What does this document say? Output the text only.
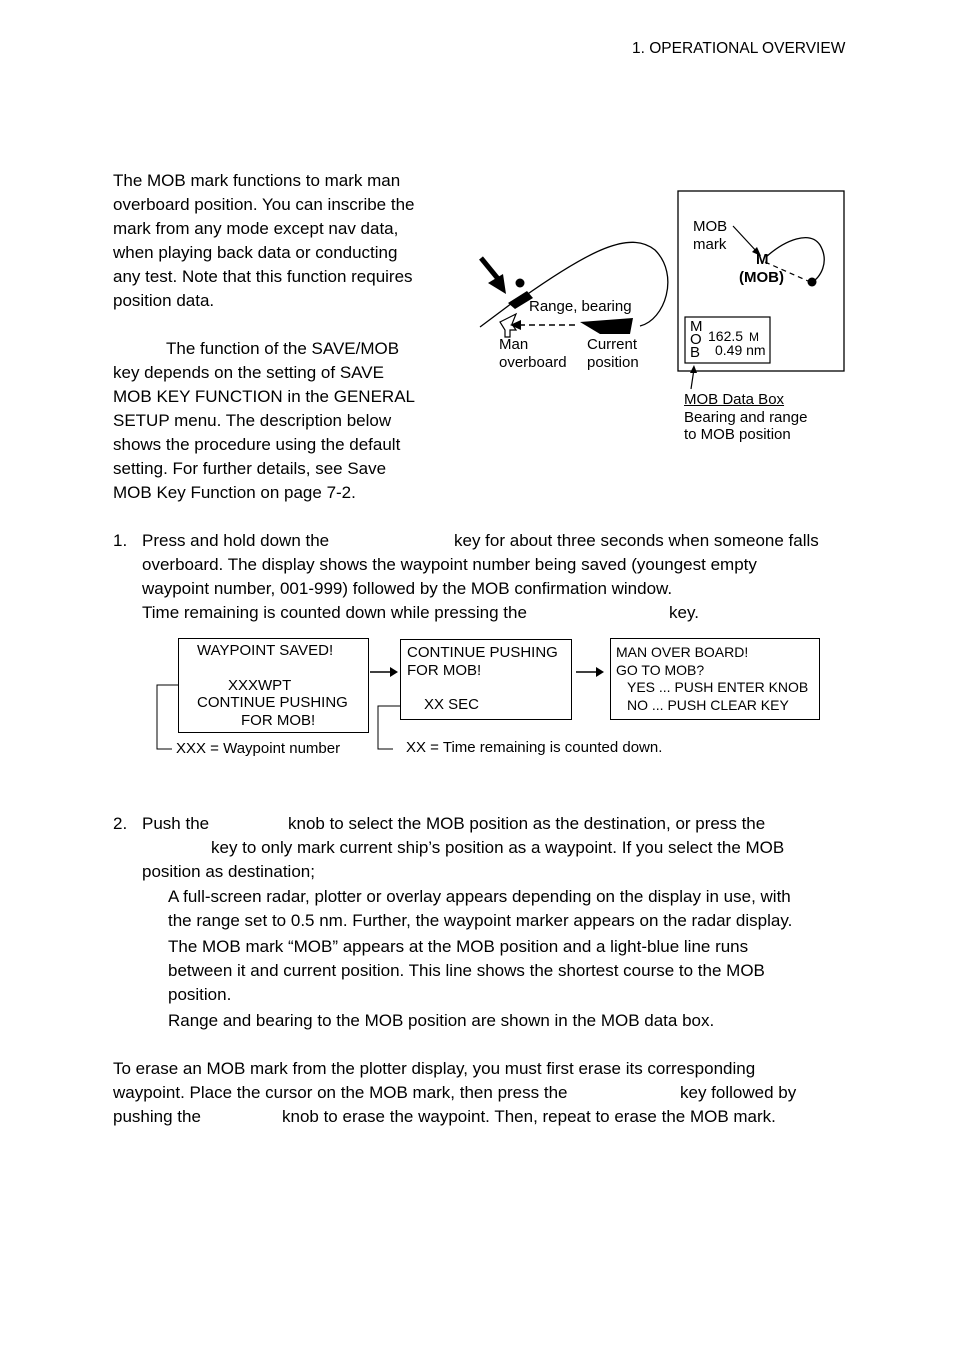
1. OPERATIONAL OVERVIEW
The MOB mark functions to mark man
overboard position. You can inscribe the
mark from any mode except nav data,
when playing back data or conducting
any test. Note that this function requires
position data.
The function of the SAVE/MOB
key depends on the setting of SAVE
MOB KEY FUNCTION in the GENERAL
SETUP menu. The description below
shows the procedure using the default
setting. For further details, see Save
MOB Key Function on page 7-2.
Range, bearing
Man
overboard
Current
position
MOB
mark
M
(MOB)
M
O
B
162.5 M
0.49 nm
MOB Data Box
Bearing and range
to MOB position
1. Press and hold down the	key for about three seconds when someone falls
overboard. The display shows the waypoint number being saved (youngest empty
waypoint number, 001-999) followed by the MOB confirmation window.
Time remaining is counted down while pressing the	key.
WAYPOINT SAVED!
XXXWPT
CONTINUE PUSHING
FOR MOB!
CONTINUE PUSHING
FOR MOB!
XX SEC
MAN OVER BOARD!
GO TO MOB?
YES ... PUSH ENTER KNOB
NO ... PUSH CLEAR KEY
XXX = Waypoint number	XX = Time remaining is counted down.
2. Push the	knob to select the MOB position as the destination, or press the
key to only mark current ship’s position as a waypoint. If you select the MOB
position as destination;
A full-screen radar, plotter or overlay appears depending on the display in use, with
the range set to 0.5 nm. Further, the waypoint marker appears on the radar display.
The MOB mark “MOB” appears at the MOB position and a light-blue line runs
between it and current position. This line shows the shortest course to the MOB
position.
Range and bearing to the MOB position are shown in the MOB data box.
To erase an MOB mark from the plotter display, you must first erase its corresponding
waypoint. Place the cursor on the MOB mark, then press the	key followed by
pushing the	knob to erase the waypoint. Then, repeat to erase the MOB mark.
